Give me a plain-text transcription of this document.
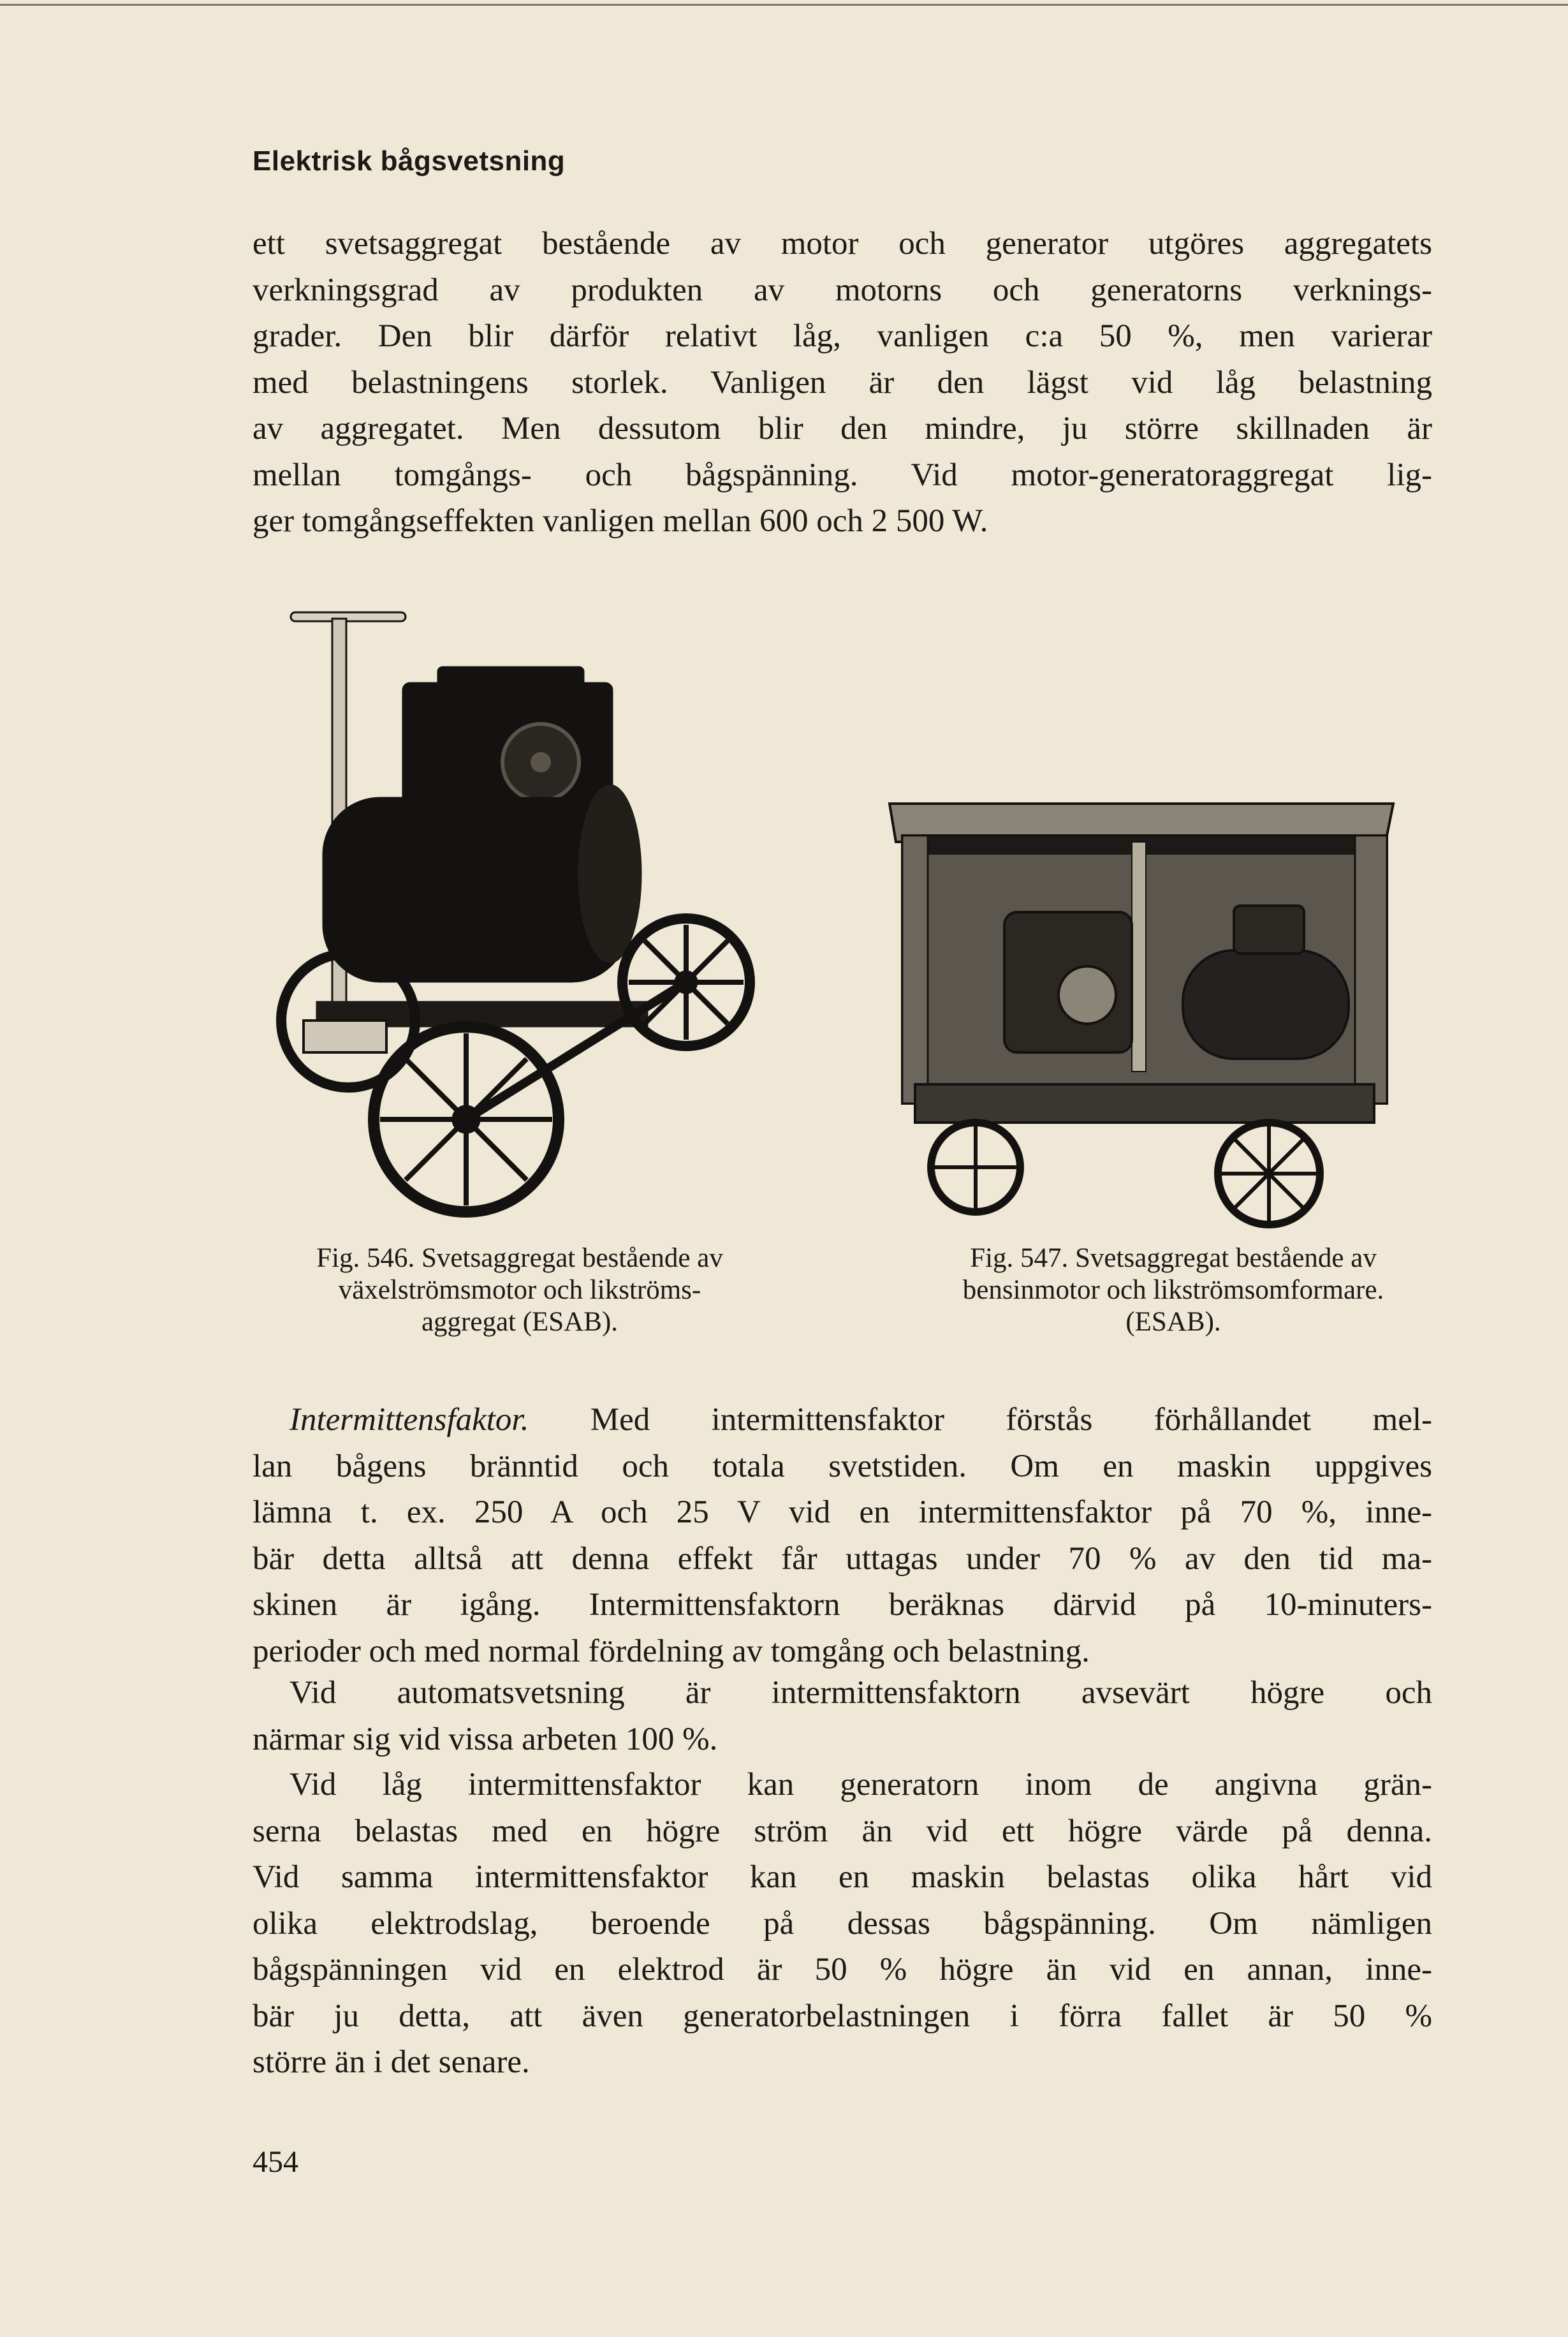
Elektrisk bågsvetsning

ett svetsaggregat bestående av motor och generator utgöres aggregatets
verkningsgrad av produkten av motorns och generatorns verknings-
grader. Den blir därför relativt låg, vanligen c:a 50 %, men varierar
med belastningens storlek. Vanligen är den lägst vid låg belastning
av aggregatet. Men dessutom blir den mindre, ju större skillnaden är
mellan tomgångs- och bågspänning. Vid motor-generatoraggregat lig-
ger tomgångseffekten vanligen mellan 600 och 2 500 W.

Fig. 546. Svetsaggregat bestående av
växelströmsmotor och likströms-
aggregat (ESAB).
Fig. 547. Svetsaggregat bestående av
bensinmotor och likströmsomformare.
(ESAB).

Intermittensfaktor. Med intermittensfaktor förstås förhållandet mel-
lan bågens bränntid och totala svetstiden. Om en maskin uppgives
lämna t. ex. 250 A och 25 V vid en intermittensfaktor på 70 %, inne-
bär detta alltså att denna effekt får uttagas under 70 % av den tid ma-
skinen är igång. Intermittensfaktorn beräknas därvid på 10-minuters-
perioder och med normal fördelning av tomgång och belastning.

Vid automatsvetsning är intermittensfaktorn avsevärt högre och
närmar sig vid vissa arbeten 100 %.

Vid låg intermittensfaktor kan generatorn inom de angivna grän-
serna belastas med en högre ström än vid ett högre värde på denna.
Vid samma intermittensfaktor kan en maskin belastas olika hårt vid
olika elektrodslag, beroende på dessas bågspänning. Om nämligen
bågspänningen vid en elektrod är 50 % högre än vid en annan, inne-
bär ju detta, att även generatorbelastningen i förra fallet är 50 %
större än i det senare.

454
